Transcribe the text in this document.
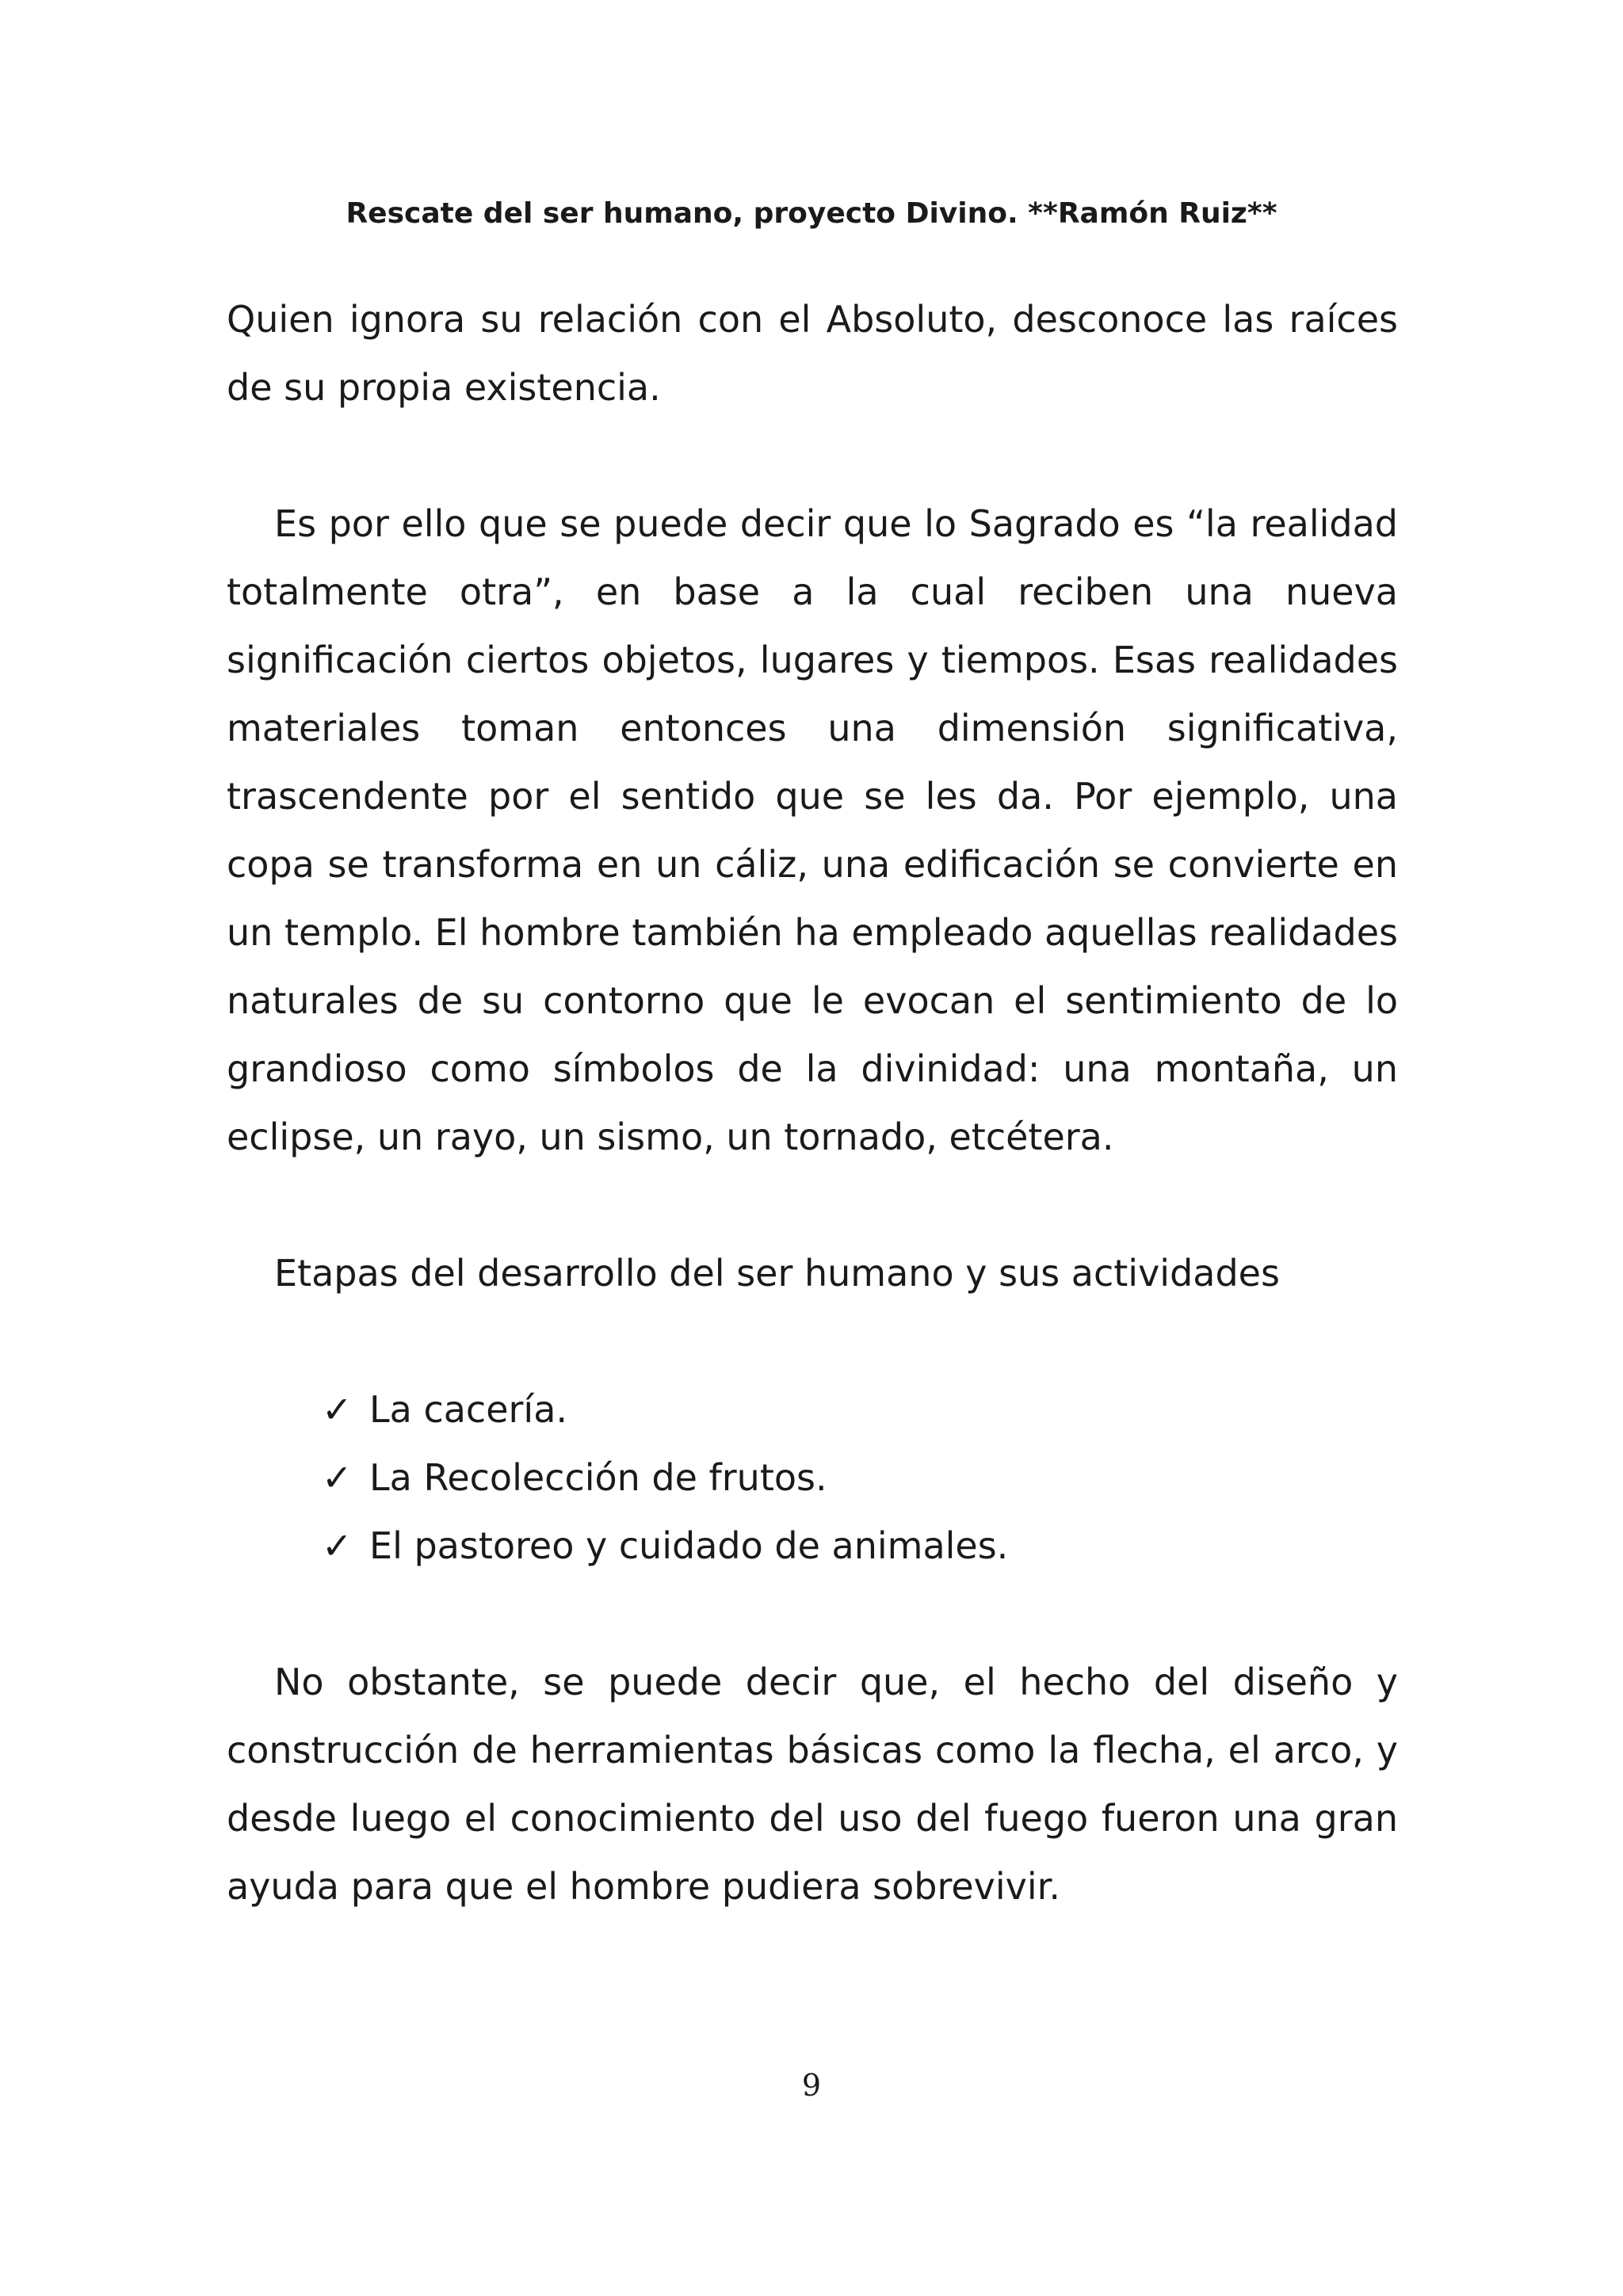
Rescate del ser humano, proyecto Divino. **Ramón Ruiz**

Quien ignora su relación con el Absoluto, desconoce las raíces de su propia existencia.

Es por ello que se puede decir que lo Sagrado es “la realidad totalmente otra”, en base a la cual reciben una nueva significación ciertos objetos, lugares y tiempos. Esas realidades materiales toman entonces una dimensión significativa, trascendente por el sentido que se les da. Por ejemplo, una copa se transforma en un cáliz, una edificación se convierte en un templo. El hombre también ha empleado aquellas realidades naturales de su contorno que le evocan el sentimiento de lo grandioso como símbolos de la divinidad: una montaña, un eclipse, un rayo, un sismo, un tornado, etcétera.

Etapas del desarrollo del ser humano y sus actividades

✓ La cacería.
✓ La Recolección de frutos.
✓ El pastoreo y cuidado de animales.

No obstante, se puede decir que, el hecho del diseño y construcción de herramientas básicas como la flecha, el arco, y desde luego el conocimiento del uso del fuego fueron una gran ayuda para que el hombre pudiera sobrevivir.

9
